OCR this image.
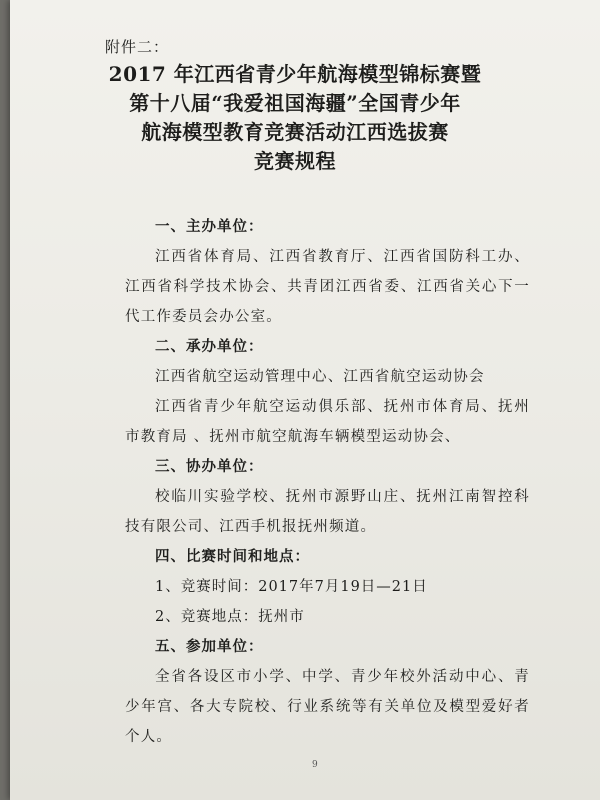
附件二：
2017 年江西省青少年航海模型锦标赛暨
第十八届“我爱祖国海疆”全国青少年
航海模型教育竞赛活动江西选拔赛
竞赛规程
一、主办单位：
江西省体育局、江西省教育厅、江西省国防科工办、江西省科学技术协会、共青团江西省委、江西省关心下一代工作委员会办公室。
二、承办单位：
江西省航空运动管理中心、江西省航空运动协会
江西省青少年航空运动俱乐部、抚州市体育局、抚州市教育局 、抚州市航空航海车辆模型运动协会、
三、协办单位：
校临川实验学校、抚州市源野山庄、抚州江南智控科技有限公司、江西手机报抚州频道。
四、比赛时间和地点：
1、竞赛时间：2017年7月19日—21日
2、竞赛地点：抚州市
五、参加单位：
全省各设区市小学、中学、青少年校外活动中心、青少年宫、各大专院校、行业系统等有关单位及模型爱好者个人。
9
